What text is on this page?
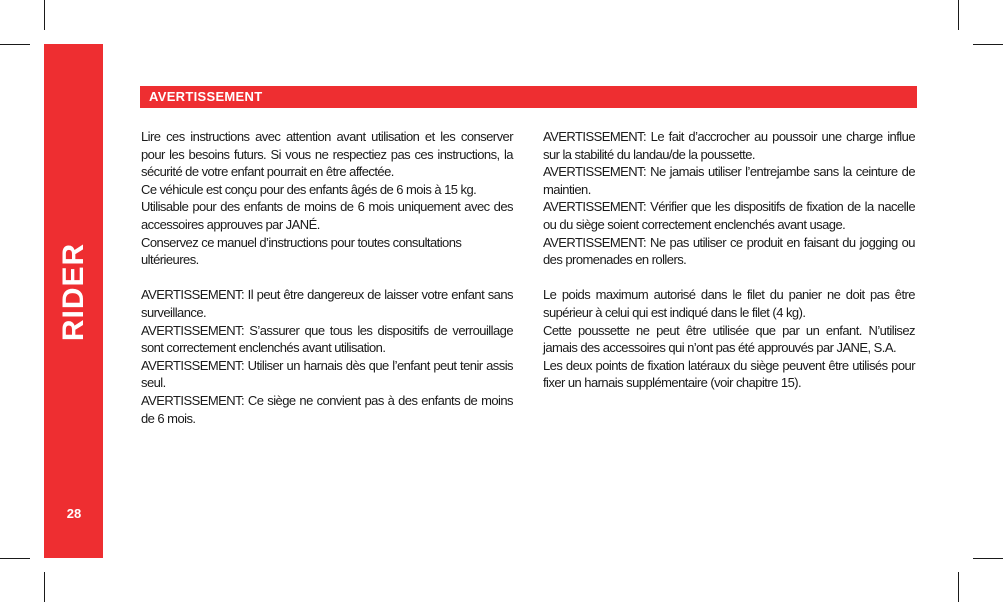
RIDER
28
AVERTISSEMENT

Lire ces instructions avec attention avant utilisation et les conserver pour les besoins futurs. Si vous ne respectiez pas ces instructions, la sécurité de votre enfant pourrait en être affectée.

Ce véhicule est conçu pour des enfants âgés de 6 mois à 15 kg.

Utilisable pour des enfants de moins de 6 mois uniquement avec des accessoires approuves par JANÉ.

Conservez ce manuel d’instructions pour toutes consultations ultérieures.

AVERTISSEMENT: Il peut être dangereux de laisser votre enfant sans surveillance.

AVERTISSEMENT: S’assurer que tous les dispositifs de verrouillage sont correctement enclenchés avant utilisation.

AVERTISSEMENT: Utiliser un harnais dès que l’enfant peut tenir assis seul.

AVERTISSEMENT: Ce siège ne convient pas à des enfants de moins de 6 mois.

AVERTISSEMENT: Le fait d’accrocher au poussoir une charge influe sur la stabilité du landau/de la poussette.

AVERTISSEMENT: Ne jamais utiliser l’entrejambe sans la ceinture de maintien.

AVERTISSEMENT: Vérifier que les dispositifs de fixation de la nacelle ou du siège soient correctement enclenchés avant usage.

AVERTISSEMENT: Ne pas utiliser ce produit en faisant du jogging ou des promenades en rollers.

Le poids maximum autorisé dans le filet du panier ne doit pas être supérieur à celui qui est indiqué dans le filet (4 kg).

Cette poussette ne peut être utilisée que par un enfant. N’utilisez jamais des accessoires qui n’ont pas été approuvés par JANE, S.A.

Les deux points de fixation latéraux du siège peuvent être utilisés pour fixer un harnais supplémentaire (voir chapitre 15).
